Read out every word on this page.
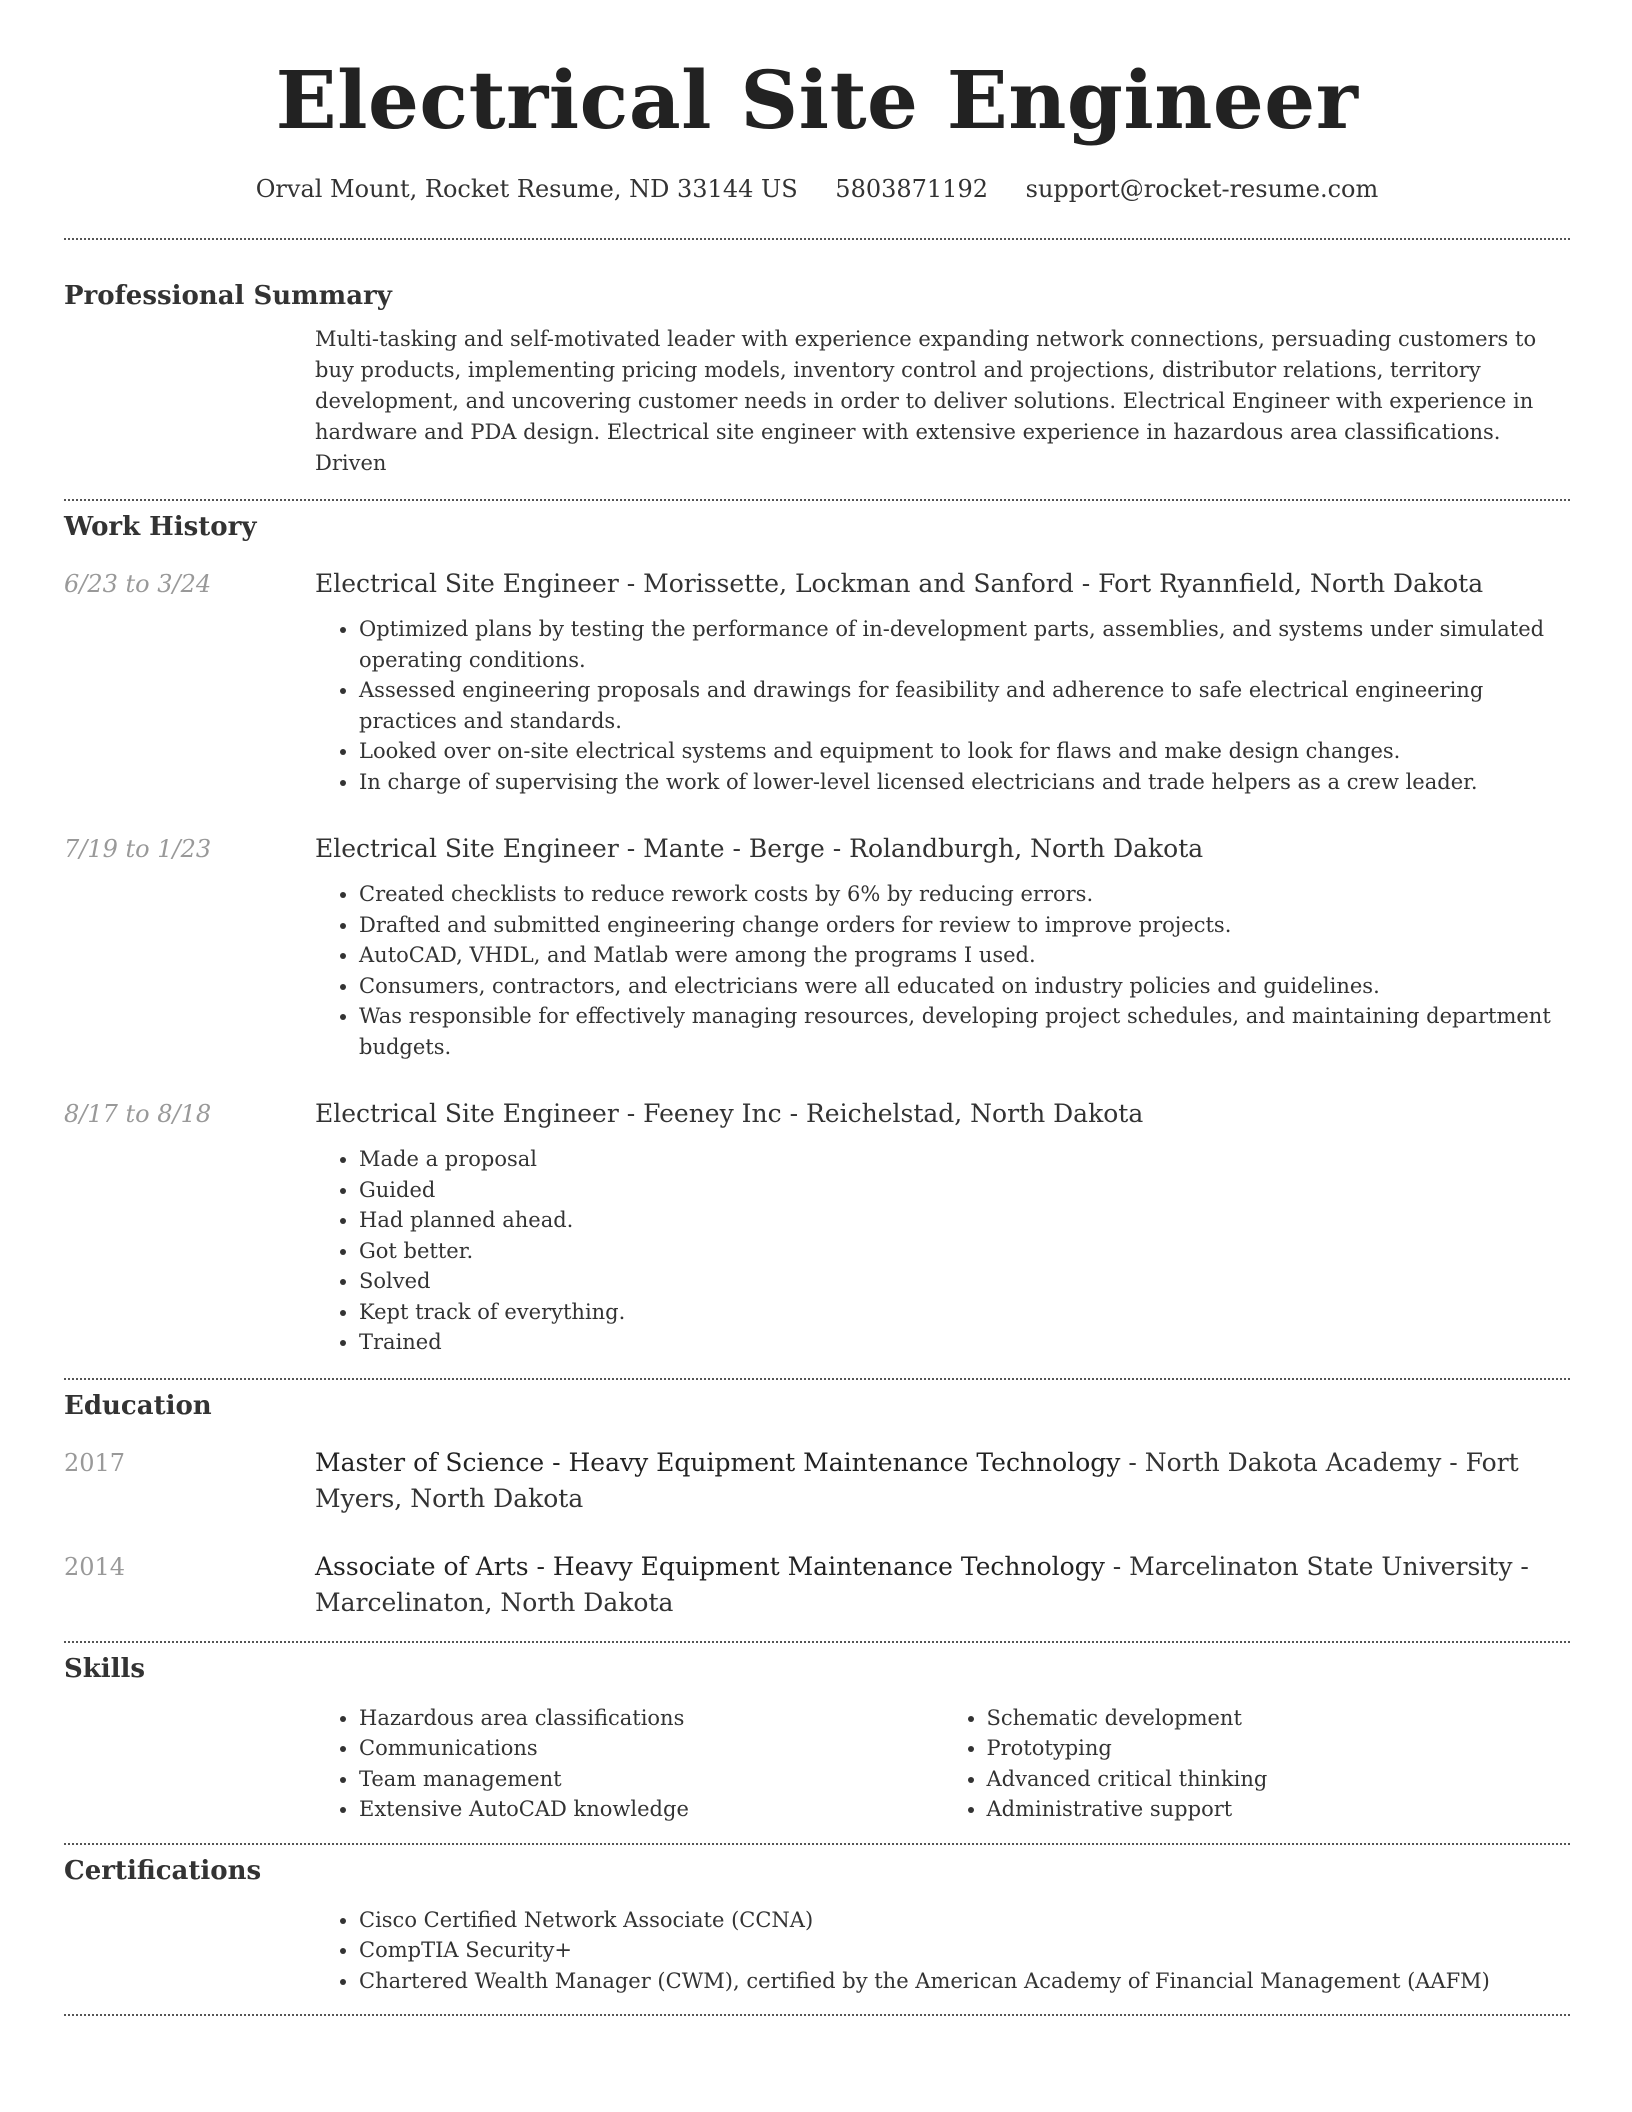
Electrical Site Engineer
Orval Mount, Rocket Resume, ND 33144 US 5803871192 support@rocket-resume.com
Professional Summary
Multi-tasking and self-motivated leader with experience expanding network connections, persuading customers to buy products, implementing pricing models, inventory control and projections, distributor relations, territory development, and uncovering customer needs in order to deliver solutions. Electrical Engineer with experience in hardware and PDA design. Electrical site engineer with extensive experience in hazardous area classifications. Driven
Work History
6/23 to 3/24	Electrical Site Engineer - Morissette, Lockman and Sanford - Fort Ryannfield, North Dakota
• Optimized plans by testing the performance of in-development parts, assemblies, and systems under simulated operating conditions.
• Assessed engineering proposals and drawings for feasibility and adherence to safe electrical engineering practices and standards.
• Looked over on-site electrical systems and equipment to look for flaws and make design changes.
• In charge of supervising the work of lower-level licensed electricians and trade helpers as a crew leader.
7/19 to 1/23	Electrical Site Engineer - Mante - Berge - Rolandburgh, North Dakota
• Created checklists to reduce rework costs by 6% by reducing errors.
• Drafted and submitted engineering change orders for review to improve projects.
• AutoCAD, VHDL, and Matlab were among the programs I used.
• Consumers, contractors, and electricians were all educated on industry policies and guidelines.
• Was responsible for effectively managing resources, developing project schedules, and maintaining department budgets.
8/17 to 8/18	Electrical Site Engineer - Feeney Inc - Reichelstad, North Dakota
• Made a proposal
• Guided
• Had planned ahead.
• Got better.
• Solved
• Kept track of everything.
• Trained
Education
2017	Master of Science - Heavy Equipment Maintenance Technology - North Dakota Academy - Fort Myers, North Dakota
2014	Associate of Arts - Heavy Equipment Maintenance Technology - Marcelinaton State University - Marcelinaton, North Dakota
Skills
• Hazardous area classifications
• Communications
• Team management
• Extensive AutoCAD knowledge
• Schematic development
• Prototyping
• Advanced critical thinking
• Administrative support
Certifications
• Cisco Certified Network Associate (CCNA)
• CompTIA Security+
• Chartered Wealth Manager (CWM), certified by the American Academy of Financial Management (AAFM)
